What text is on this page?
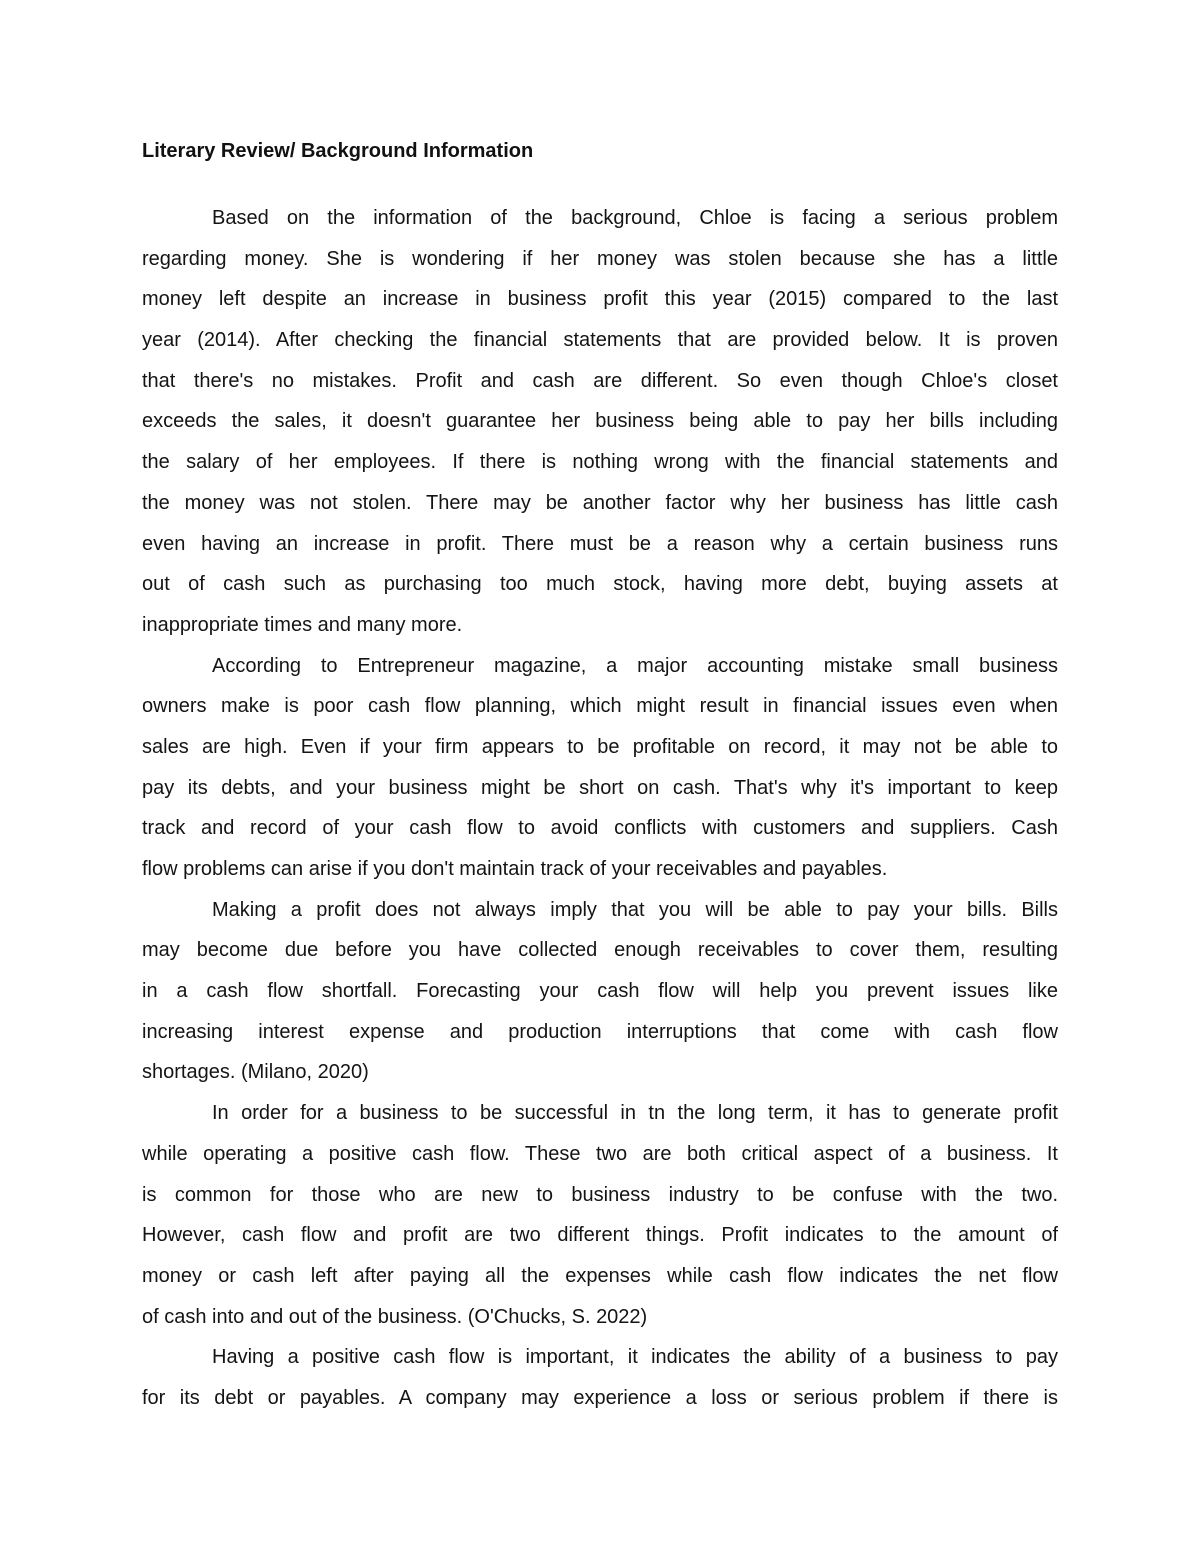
Literary Review/ Background Information
Based on the information of the background, Chloe is facing a serious problem
regarding money. She is wondering if her money was stolen because she has a little
money left despite an increase in business profit this year (2015) compared to the last
year (2014). After checking the financial statements that are provided below. It is proven
that there's no mistakes. Profit and cash are different. So even though Chloe's closet
exceeds the sales, it doesn't guarantee her business being able to pay her bills including
the salary of her employees. If there is nothing wrong with the financial statements and
the money was not stolen. There may be another factor why her business has little cash
even having an increase in profit. There must be a reason why a certain business runs
out of cash such as purchasing too much stock, having more debt, buying assets at
inappropriate times and many more.
According to Entrepreneur magazine, a major accounting mistake small business
owners make is poor cash flow planning, which might result in financial issues even when
sales are high. Even if your firm appears to be profitable on record, it may not be able to
pay its debts, and your business might be short on cash. That's why it's important to keep
track and record of your cash flow to avoid conflicts with customers and suppliers. Cash
flow problems can arise if you don't maintain track of your receivables and payables.
Making a profit does not always imply that you will be able to pay your bills. Bills
may become due before you have collected enough receivables to cover them, resulting
in a cash flow shortfall. Forecasting your cash flow will help you prevent issues like
increasing interest expense and production interruptions that come with cash flow
shortages. (Milano, 2020)
In order for a business to be successful in tn the long term, it has to generate profit
while operating a positive cash flow. These two are both critical aspect of a business. It
is common for those who are new to business industry to be confuse with the two.
However, cash flow and profit are two different things. Profit indicates to the amount of
money or cash left after paying all the expenses while cash flow indicates the net flow
of cash into and out of the business. (O'Chucks, S. 2022)
Having a positive cash flow is important, it indicates the ability of a business to pay
for its debt or payables. A company may experience a loss or serious problem if there is
